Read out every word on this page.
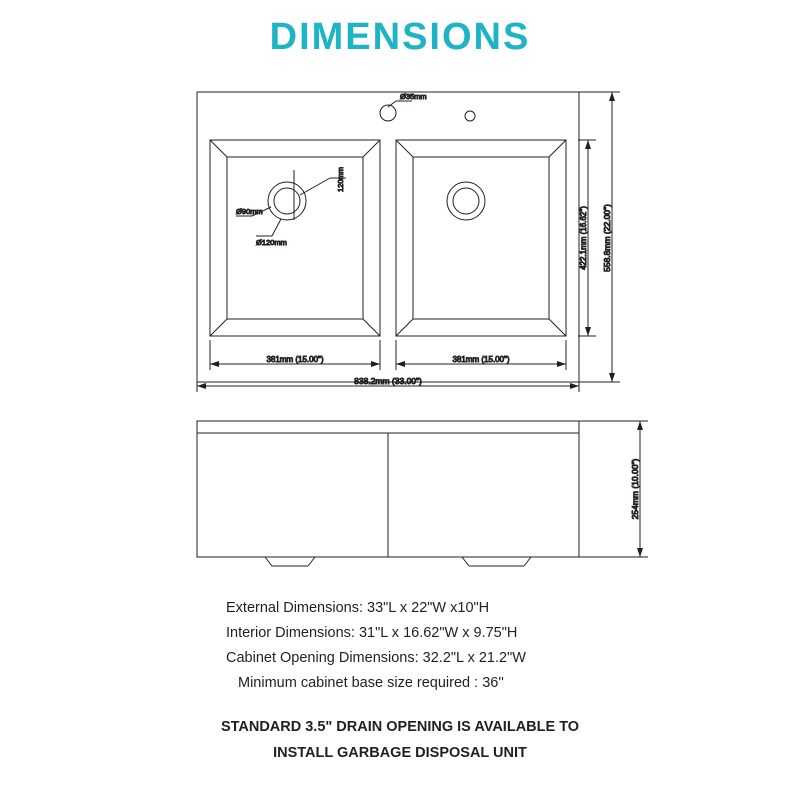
DIMENSIONS
Ø35mm
Ø90mm
Ø120mm
120mm
381mm (15.00")	381mm (15.00")
838.2mm (33.00")
422.1mm (16.62") 558.8mm (22.00")
254mm (10.00")
External Dimensions: 33"L x 22"W x10"H
Interior Dimensions: 31"L x 16.62"W x 9.75"H
Cabinet Opening Dimensions: 32.2"L x 21.2"W
Minimum cabinet base size required : 36''
STANDARD 3.5" DRAIN OPENING IS AVAILABLE TO
INSTALL GARBAGE DISPOSAL UNIT
